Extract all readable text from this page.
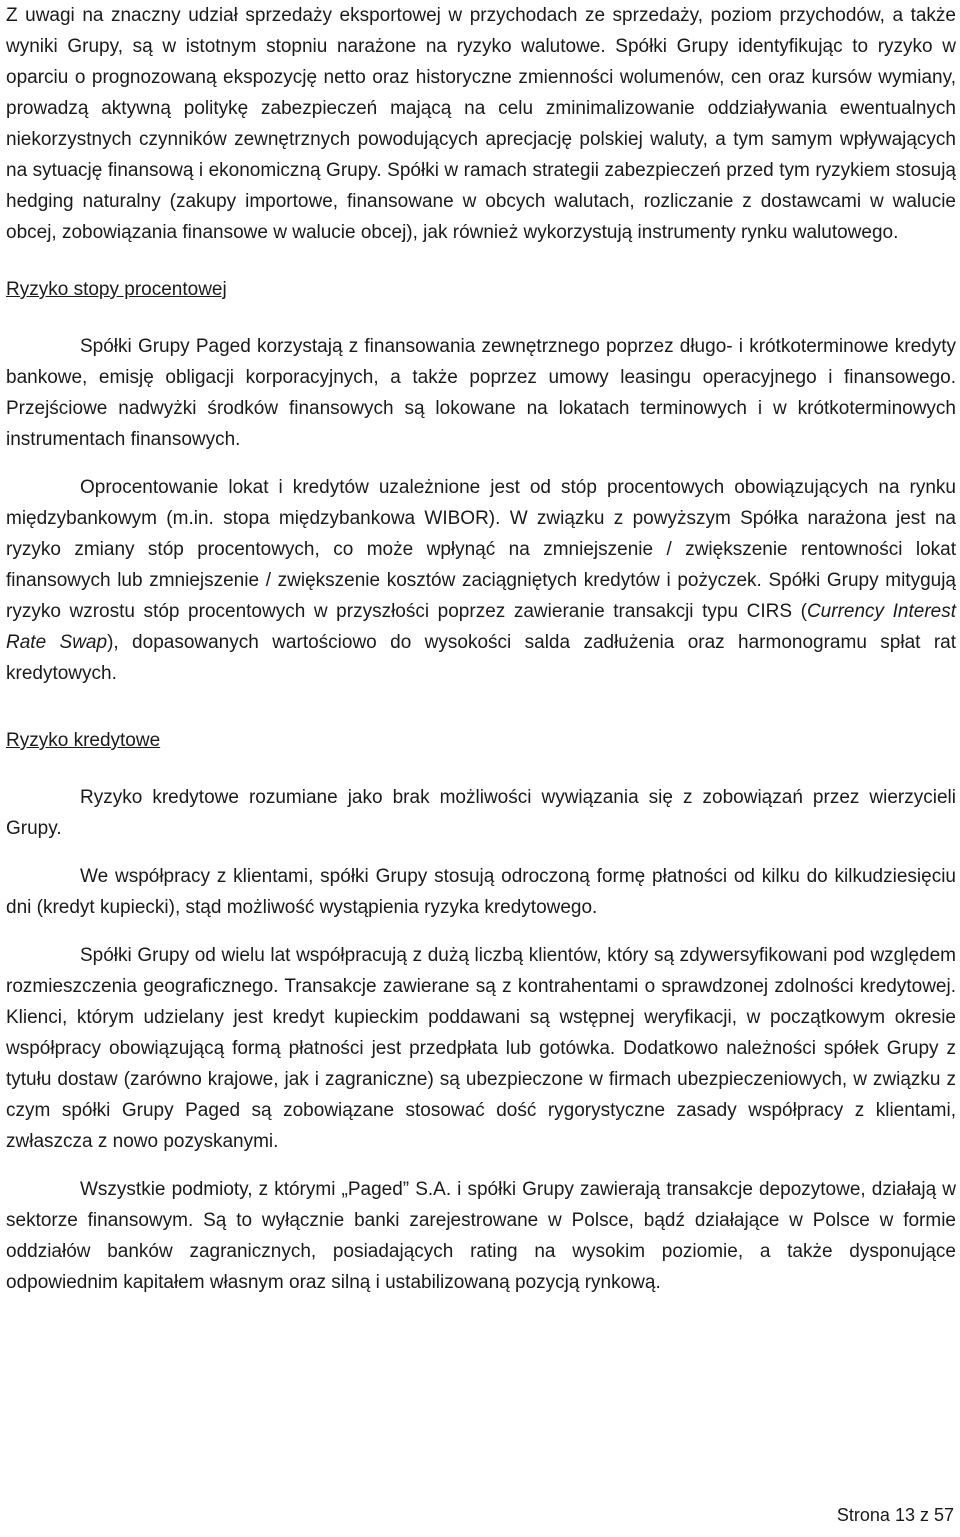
Z uwagi na znaczny udział sprzedaży eksportowej w przychodach ze sprzedaży, poziom przychodów, a także wyniki Grupy, są w istotnym stopniu narażone na ryzyko walutowe. Spółki Grupy identyfikując to ryzyko w oparciu o prognozowaną ekspozycję netto oraz historyczne zmienności wolumenów, cen oraz kursów wymiany, prowadzą aktywną politykę zabezpieczeń mającą na celu zminimalizowanie oddziaływania ewentualnych niekorzystnych czynników zewnętrznych powodujących aprecjację polskiej waluty, a tym samym wpływających na sytuację finansową i ekonomiczną Grupy. Spółki w ramach strategii zabezpieczeń przed tym ryzykiem stosują hedging naturalny (zakupy importowe, finansowane w obcych walutach, rozliczanie z dostawcami w walucie obcej, zobowiązania finansowe w walucie obcej), jak również wykorzystują instrumenty rynku walutowego.

Ryzyko stopy procentowej

Spółki Grupy Paged korzystają z finansowania zewnętrznego poprzez długo- i krótkoterminowe kredyty bankowe, emisję obligacji korporacyjnych, a także poprzez umowy leasingu operacyjnego i finansowego. Przejściowe nadwyżki środków finansowych są lokowane na lokatach terminowych i w krótkoterminowych instrumentach finansowych.

Oprocentowanie lokat i kredytów uzależnione jest od stóp procentowych obowiązujących na rynku międzybankowym (m.in. stopa międzybankowa WIBOR). W związku z powyższym Spółka narażona jest na ryzyko zmiany stóp procentowych, co może wpłynąć na zmniejszenie / zwiększenie rentowności lokat finansowych lub zmniejszenie / zwiększenie kosztów zaciągniętych kredytów i pożyczek. Spółki Grupy mitygują ryzyko wzrostu stóp procentowych w przyszłości poprzez zawieranie transakcji typu CIRS (Currency Interest Rate Swap), dopasowanych wartościowo do wysokości salda zadłużenia oraz harmonogramu spłat rat kredytowych.

Ryzyko kredytowe

Ryzyko kredytowe rozumiane jako brak możliwości wywiązania się z zobowiązań przez wierzycieli Grupy.

We współpracy z klientami, spółki Grupy stosują odroczoną formę płatności od kilku do kilkudziesięciu dni (kredyt kupiecki), stąd możliwość wystąpienia ryzyka kredytowego.

Spółki Grupy od wielu lat współpracują z dużą liczbą klientów, który są zdywersyfikowani pod względem rozmieszczenia geograficznego. Transakcje zawierane są z kontrahentami o sprawdzonej zdolności kredytowej. Klienci, którym udzielany jest kredyt kupieckim poddawani są wstępnej weryfikacji, w początkowym okresie współpracy obowiązującą formą płatności jest przedpłata lub gotówka. Dodatkowo należności spółek Grupy z tytułu dostaw (zarówno krajowe, jak i zagraniczne) są ubezpieczone w firmach ubezpieczeniowych, w związku z czym spółki Grupy Paged są zobowiązane stosować dość rygorystyczne zasady współpracy z klientami, zwłaszcza z nowo pozyskanymi.

Wszystkie podmioty, z którymi „Paged” S.A. i spółki Grupy zawierają transakcje depozytowe, działają w sektorze finansowym. Są to wyłącznie banki zarejestrowane w Polsce, bądź działające w Polsce w formie oddziałów banków zagranicznych, posiadających rating na wysokim poziomie, a także dysponujące odpowiednim kapitałem własnym oraz silną i ustabilizowaną pozycją rynkową.

Strona 13 z 57
